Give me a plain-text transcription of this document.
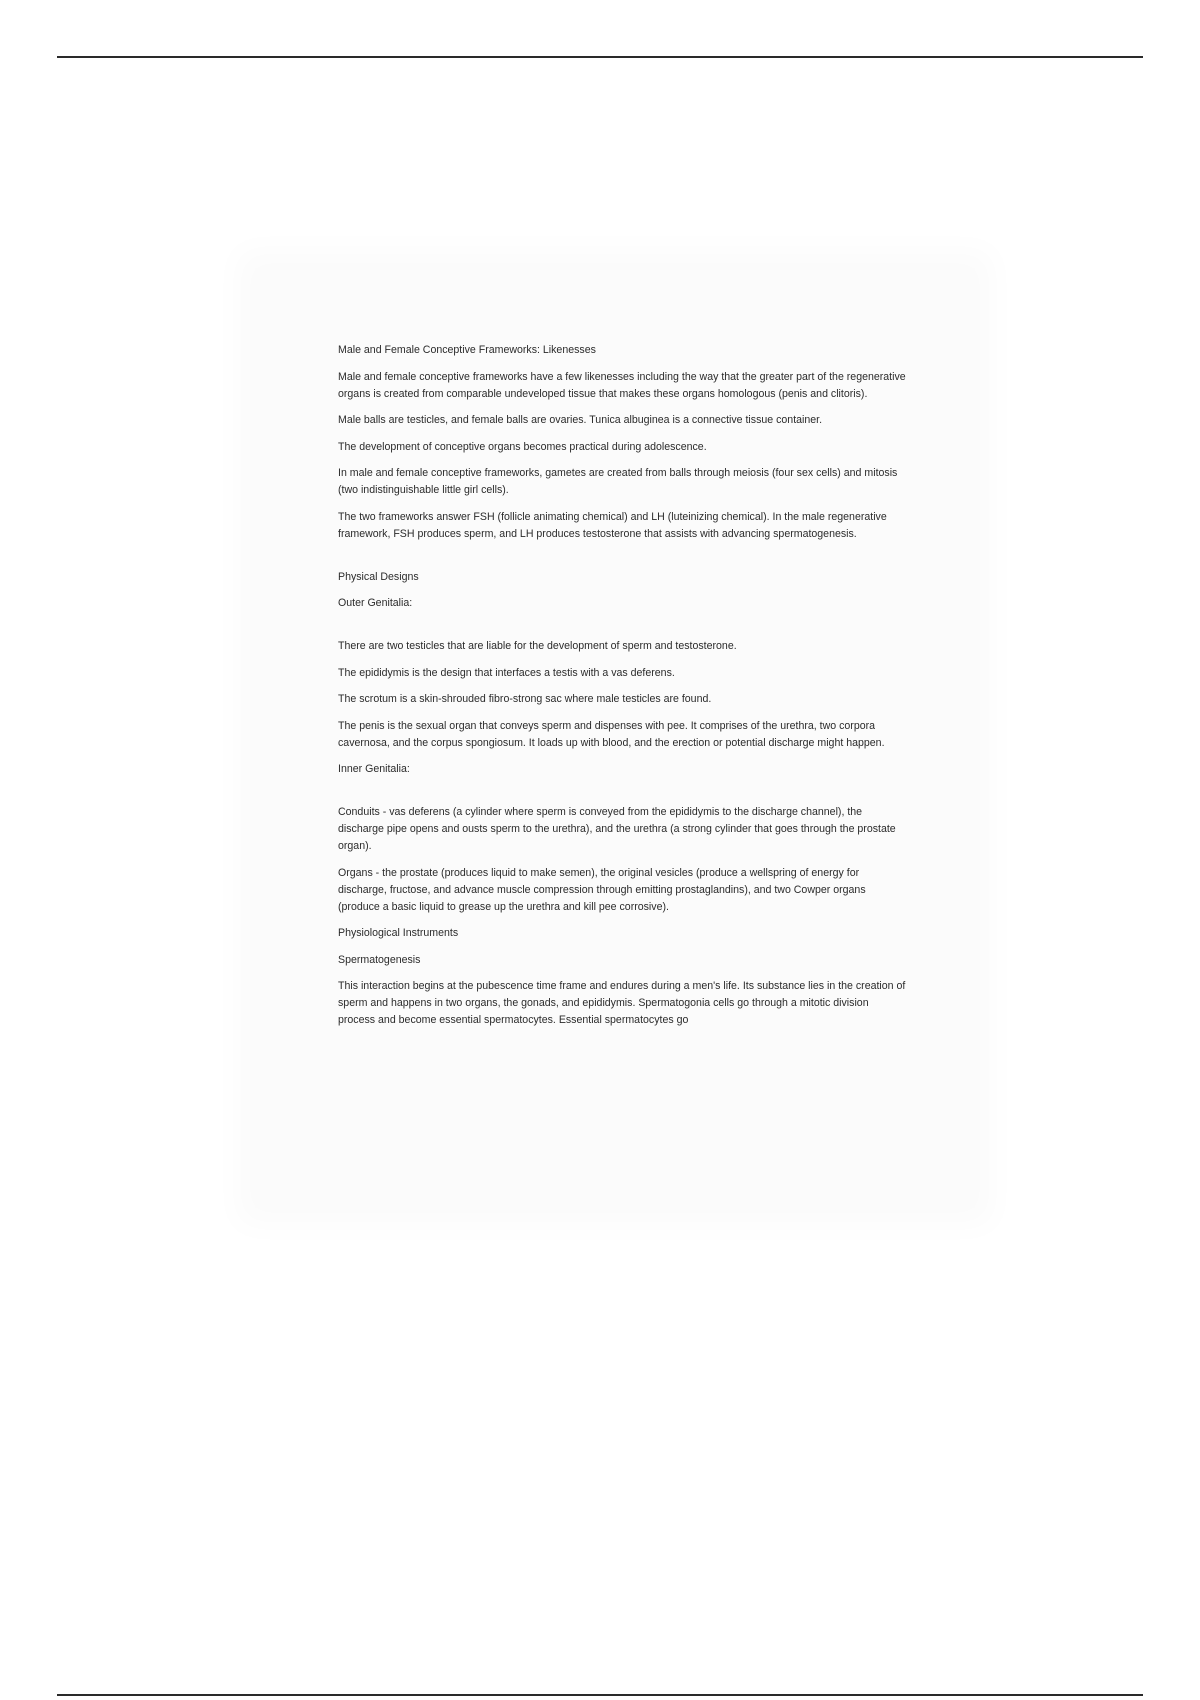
Male and Female Conceptive Frameworks: Likenesses

Male and female conceptive frameworks have a few likenesses including the way that the greater part of the regenerative organs is created from comparable undeveloped tissue that makes these organs homologous (penis and clitoris).

Male balls are testicles, and female balls are ovaries. Tunica albuginea is a connective tissue container.

The development of conceptive organs becomes practical during adolescence.

In male and female conceptive frameworks, gametes are created from balls through meiosis (four sex cells) and mitosis (two indistinguishable little girl cells).

The two frameworks answer FSH (follicle animating chemical) and LH (luteinizing chemical). In the male regenerative framework, FSH produces sperm, and LH produces testosterone that assists with advancing spermatogenesis.

Physical Designs

Outer Genitalia:

There are two testicles that are liable for the development of sperm and testosterone.

The epididymis is the design that interfaces a testis with a vas deferens.

The scrotum is a skin-shrouded fibro-strong sac where male testicles are found.

The penis is the sexual organ that conveys sperm and dispenses with pee. It comprises of the urethra, two corpora cavernosa, and the corpus spongiosum. It loads up with blood, and the erection or potential discharge might happen.

Inner Genitalia:

Conduits - vas deferens (a cylinder where sperm is conveyed from the epididymis to the discharge channel), the discharge pipe opens and ousts sperm to the urethra), and the urethra (a strong cylinder that goes through the prostate organ).

Organs - the prostate (produces liquid to make semen), the original vesicles (produce a wellspring of energy for discharge, fructose, and advance muscle compression through emitting prostaglandins), and two Cowper organs (produce a basic liquid to grease up the urethra and kill pee corrosive).

Physiological Instruments

Spermatogenesis

This interaction begins at the pubescence time frame and endures during a men's life. Its substance lies in the creation of sperm and happens in two organs, the gonads, and epididymis. Spermatogonia cells go through a mitotic division process and become essential spermatocytes. Essential spermatocytes go
